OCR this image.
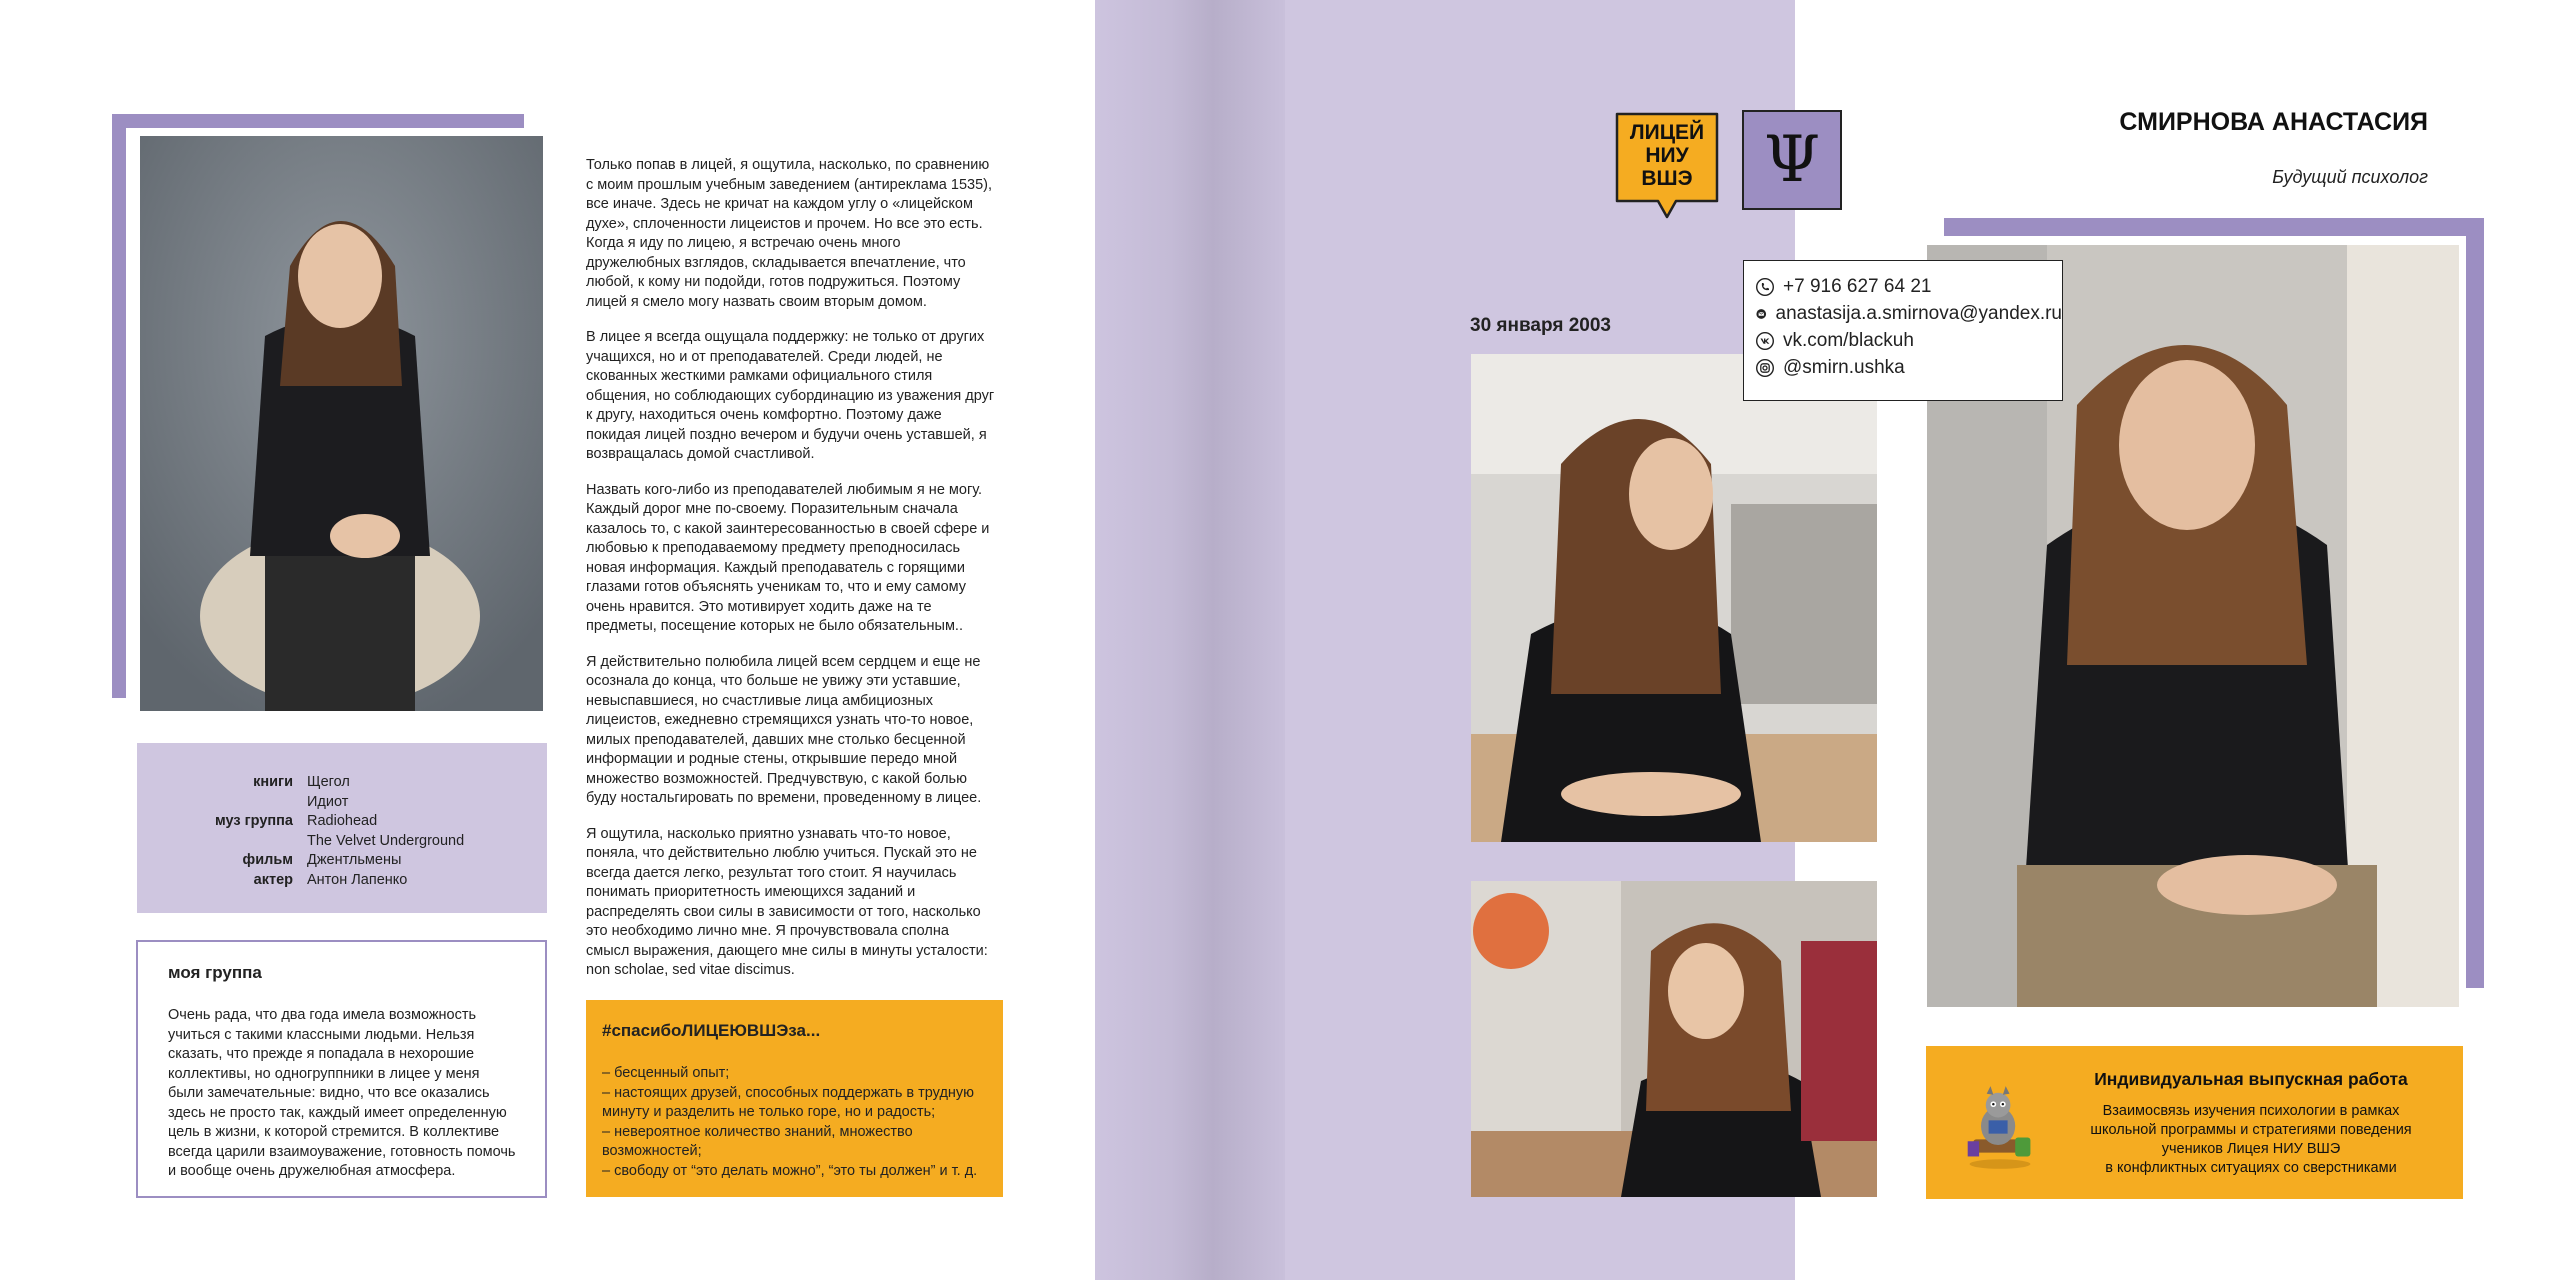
книги Щегол
Идиот
муз группа Radiohead
The Velvet Underground
фильм Джентльмены
актер Антон Лапенко
моя группа
Очень рада, что два года имела возможность учиться с такими классными людьми. Нельзя сказать, что прежде я попадала в нехорошие коллективы, но одногруппники в лицее у меня были замечательные: видно, что все оказались здесь не просто так, каждый имеет определенную цель в жизни, к которой стремится. В коллективе всегда царили взаимоуважение, готовность помочь и вообще очень дружелюбная атмосфера.

Только попав в лицей, я ощутила, насколько, по сравнению с моим прошлым учебным заведением (антиреклама 1535), все иначе. Здесь не кричат на каждом углу о «лицейском духе», сплоченности лицеистов и прочем. Но все это есть. Когда я иду по лицею, я встречаю очень много дружелюбных взглядов, складывается впечатление, что любой, к кому ни подойди, готов подружиться. Поэтому лицей я смело могу назвать своим вторым домом.

В лицее я всегда ощущала поддержку: не только от других учащихся, но и от преподавателей. Среди людей, не скованных жесткими рамками официального стиля общения, но соблюдающих субординацию из уважения друг к другу, находиться очень комфортно. Поэтому даже покидая лицей поздно вечером и будучи очень уставшей, я возвращалась домой счастливой.

Назвать кого-либо из преподавателей любимым я не могу. Каждый дорог мне по-своему. Поразительным сначала казалось то, с какой заинтересованностью в своей сфере и любовью к преподаваемому предмету преподносилась новая информация. Каждый преподаватель с горящими глазами готов объяснять ученикам то, что и ему самому очень нравится. Это мотивирует ходить даже на те предметы, посещение которых не было обязательным..

Я действительно полюбила лицей всем сердцем и еще не осознала до конца, что больше не увижу эти уставшие, невыспавшиеся, но счастливые лица амбициозных лицеистов, ежедневно стремящихся узнать что-то новое, милых преподавателей, давших мне столько бесценной информации и родные стены, открывшие передо мной множество возможностей. Предчувствую, с какой болью буду ностальгировать по времени, проведенному в лицее.

Я ощутила, насколько приятно узнавать что-то новое, поняла, что действительно люблю учиться. Пускай это не всегда дается легко, результат того стоит. Я научилась понимать приоритетность имеющихся заданий и распределять свои силы в зависимости от того, насколько это необходимо лично мне. Я прочувствовала сполна смысл выражения, дающего мне силы в минуты усталости: non scholae, sed vitae discimus.

#спасибоЛИЦЕЮВШЭза...
– бесценный опыт;
– настоящих друзей, способных поддержать в трудную минуту и разделить не только горе, но и радость;
– невероятное количество знаний, множество возможностей;
– свободу от “это делать можно”, “это ты должен” и т. д.
ЛИЦЕЙ
НИУ
ВШЭ	Ψ
СМИРНОВА АНАСТАСИЯ
Будущий психолог
30 января 2003
+7 916 627 64 21
anastasija.a.smirnova@yandex.ru
vk.com/blackuh
@smirn.ushka
Индивидуальная выпускная работа
Взаимосвязь изучения психологии в рамках
школьной программы и стратегиями поведения
учеников Лицея НИУ ВШЭ
в конфликтных ситуациях со сверстниками
